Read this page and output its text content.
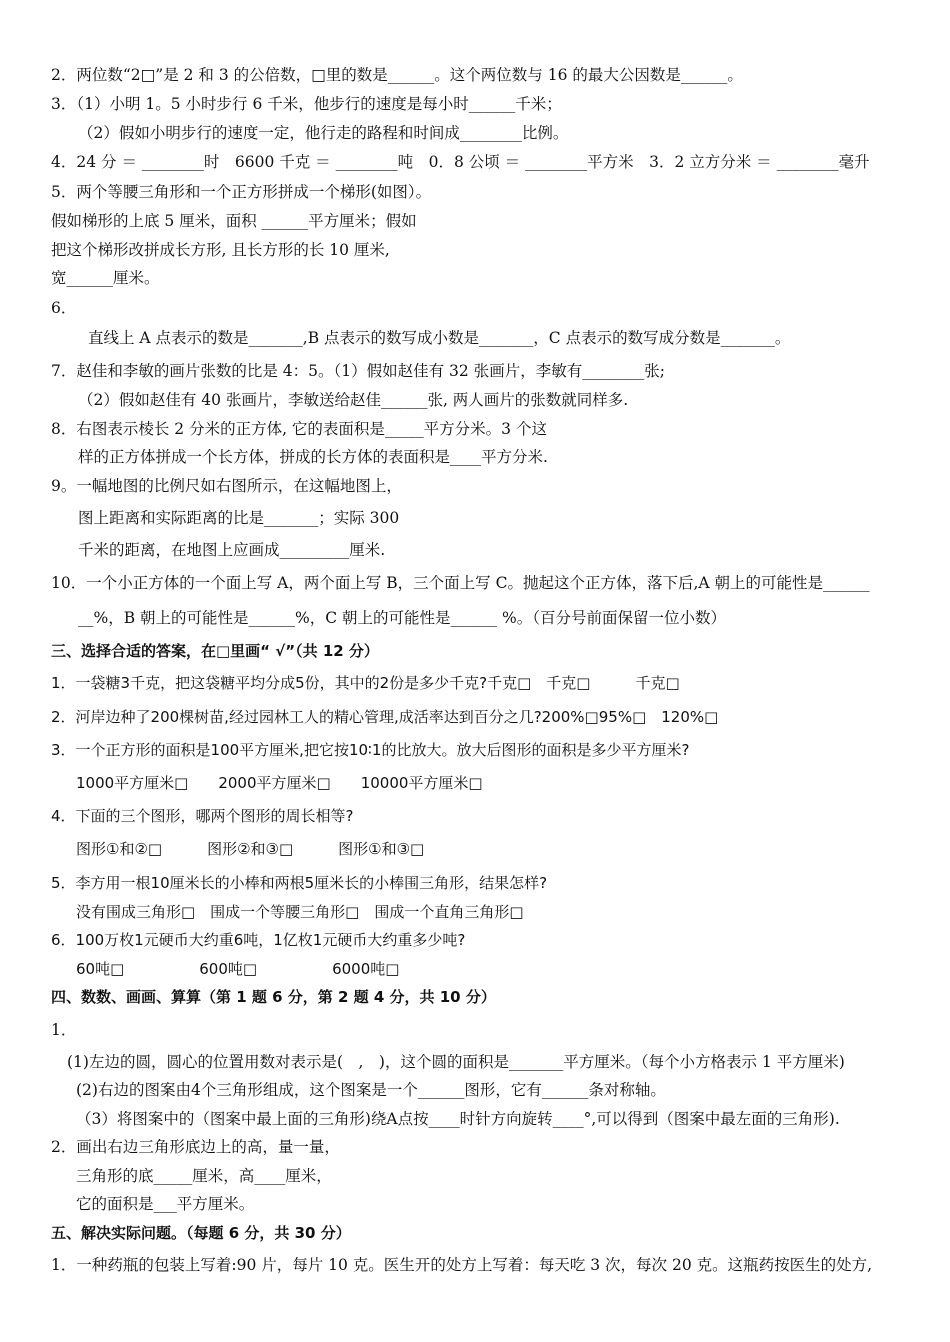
2．两位数“2□”是 2 和 3 的公倍数，□里的数是______。这个两位数与 16 的最大公因数是______。
3．（1）小明 1。5 小时步行 6 千米，他步行的速度是每小时______千米；
（2）假如小明步行的速度一定，他行走的路程和时间成________比例。
4．24 分 ＝ ________时　6600 千克 ＝ ________吨　0．8 公顷 ＝ ________平方米　3．2 立方分米 ＝ ________毫升
5．两个等腰三角形和一个正方形拼成一个梯形(如图）。
假如梯形的上底 5 厘米，面积 ______平方厘米；假如
把这个梯形改拼成长方形, 且长方形的长 10 厘米,
宽______厘米。
6．
直线上 A 点表示的数是_______,B 点表示的数写成小数是_______，C 点表示的数写成分数是_______。
7．赵佳和李敏的画片张数的比是 4：5。（1）假如赵佳有 32 张画片，李敏有________张;
（2）假如赵佳有 40 张画片，李敏送给赵佳______张, 两人画片的张数就同样多.
8．右图表示棱长 2 分米的正方体, 它的表面积是_____平方分米。3 个这
样的正方体拼成一个长方体，拼成的长方体的表面积是____平方分米.
9。一幅地图的比例尺如右图所示，在这幅地图上，
图上距离和实际距离的比是_______；实际 300
千米的距离，在地图上应画成_________厘米.
10．一个小正方体的一个面上写 A，两个面上写 B，三个面上写 C。抛起这个正方体，落下后,A 朝上的可能性是______
__%，B 朝上的可能性是______%，C 朝上的可能性是______ %。（百分号前面保留一位小数）
三、选择合适的答案，在□里画“ √”（共 12 分）
1．一袋糖3千克，把这袋糖平均分成5份，其中的2份是多少千克?千克□　千克□　　　千克□
2．河岸边种了200棵树苗,经过园林工人的精心管理,成活率达到百分之几?200%□95%□　120%□
3．一个正方形的面积是100平方厘米,把它按10∶1的比放大。放大后图形的面积是多少平方厘米?
1000平方厘米□　　2000平方厘米□　　10000平方厘米□
4．下面的三个图形，哪两个图形的周长相等?
图形①和②□　　　图形②和③□　　　图形①和③□
5．李方用一根10厘米长的小棒和两根5厘米长的小棒围三角形，结果怎样?
没有围成三角形□　围成一个等腰三角形□　围成一个直角三角形□
6．100万枚1元硬币大约重6吨，1亿枚1元硬币大约重多少吨?
60吨□　　　　　600吨□　　　　　6000吨□
四、数数、画画、算算（第 1 题 6 分，第 2 题 4 分，共 10 分）
1．
(1)左边的圆，圆心的位置用数对表示是(　,　)，这个圆的面积是_______平方厘米。（每个小方格表示 1 平方厘米)
(2)右边的图案由4个三角形组成，这个图案是一个______图形，它有______条对称轴。
（3）将图案中的（图案中最上面的三角形)绕A点按____时针方向旋转____°,可以得到（图案中最左面的三角形).
2．画出右边三角形底边上的高，量一量，
三角形的底_____厘米，高____厘米，
它的面积是___平方厘米。
五、解决实际问题。（每题 6 分，共 30 分）
1．一种药瓶的包装上写着:90 片，每片 10 克。医生开的处方上写着：每天吃 3 次，每次 20 克。这瓶药按医生的处方,
